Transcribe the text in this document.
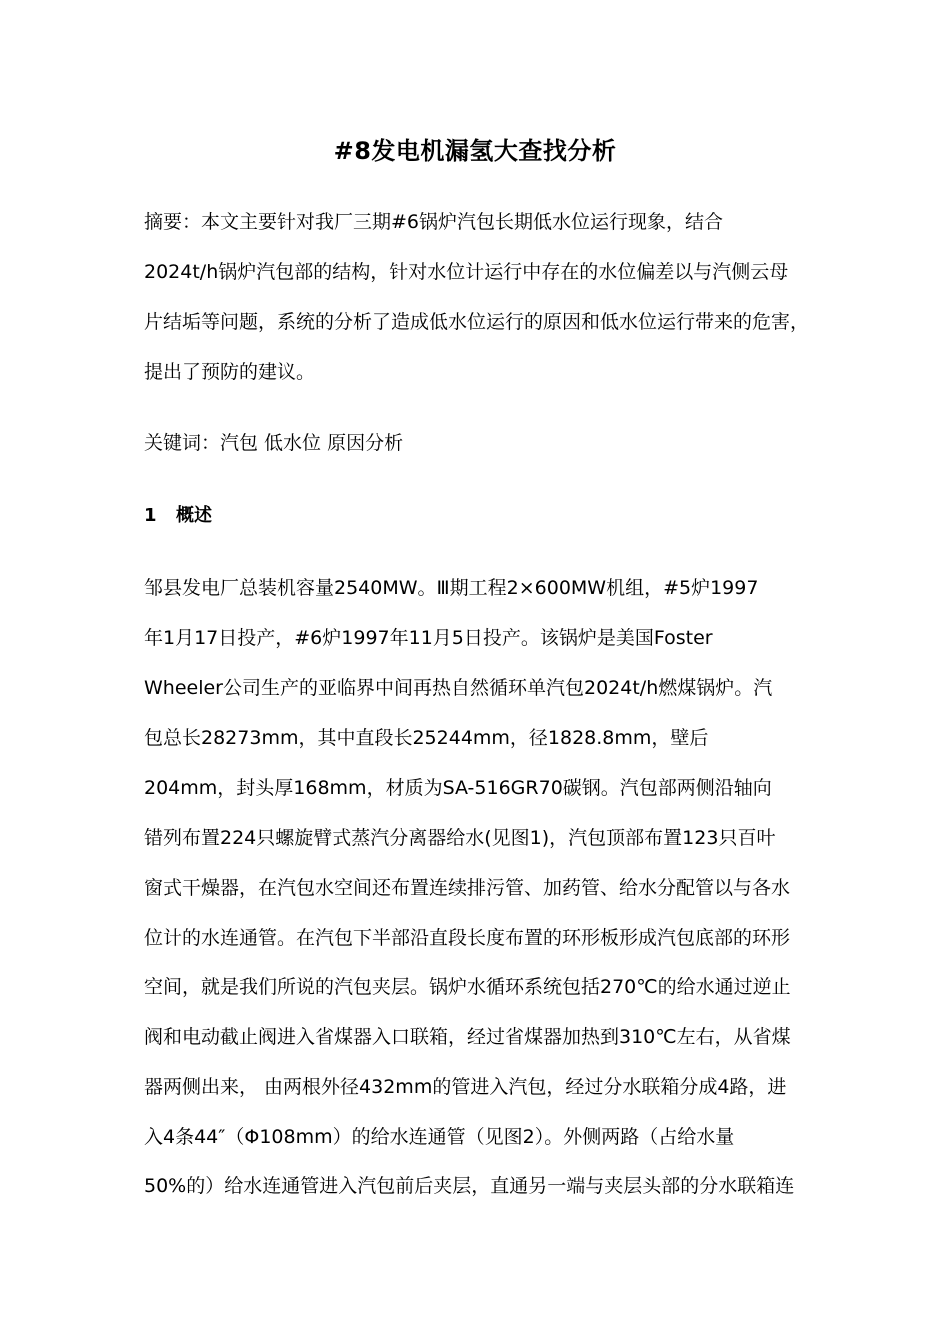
#8发电机漏氢大查找分析
摘要：本文主要针对我厂三期#6锅炉汽包长期低水位运行现象，结合
2024t/h锅炉汽包部的结构，针对水位计运行中存在的水位偏差以与汽侧云母
片结垢等问题，系统的分析了造成低水位运行的原因和低水位运行带来的危害，
提出了预防的建议。
关键词：汽包 低水位 原因分析
1 概述
邹县发电厂总装机容量2540MW。Ⅲ期工程2×600MW机组，#5炉1997
年1月17日投产，#6炉1997年11月5日投产。该锅炉是美国Foster
Wheeler公司生产的亚临界中间再热自然循环单汽包2024t/h燃煤锅炉。汽
包总长28273mm，其中直段长25244mm，径1828.8mm，壁后
204mm，封头厚168mm，材质为SA-516GR70碳钢。汽包部两侧沿轴向
错列布置224只螺旋臂式蒸汽分离器给水(见图1)，汽包顶部布置123只百叶
窗式干燥器，在汽包水空间还布置连续排污管、加药管、给水分配管以与各水
位计的水连通管。在汽包下半部沿直段长度布置的环形板形成汽包底部的环形
空间，就是我们所说的汽包夹层。锅炉水循环系统包括270℃的给水通过逆止
阀和电动截止阀进入省煤器入口联箱，经过省煤器加热到310℃左右，从省煤
器两侧出来， 由两根外径432mm的管进入汽包，经过分水联箱分成4路，进
入4条44″（Φ108mm）的给水连通管（见图2）。外侧两路（占给水量
50%的）给水连通管进入汽包前后夹层，直通另一端与夹层头部的分水联箱连
